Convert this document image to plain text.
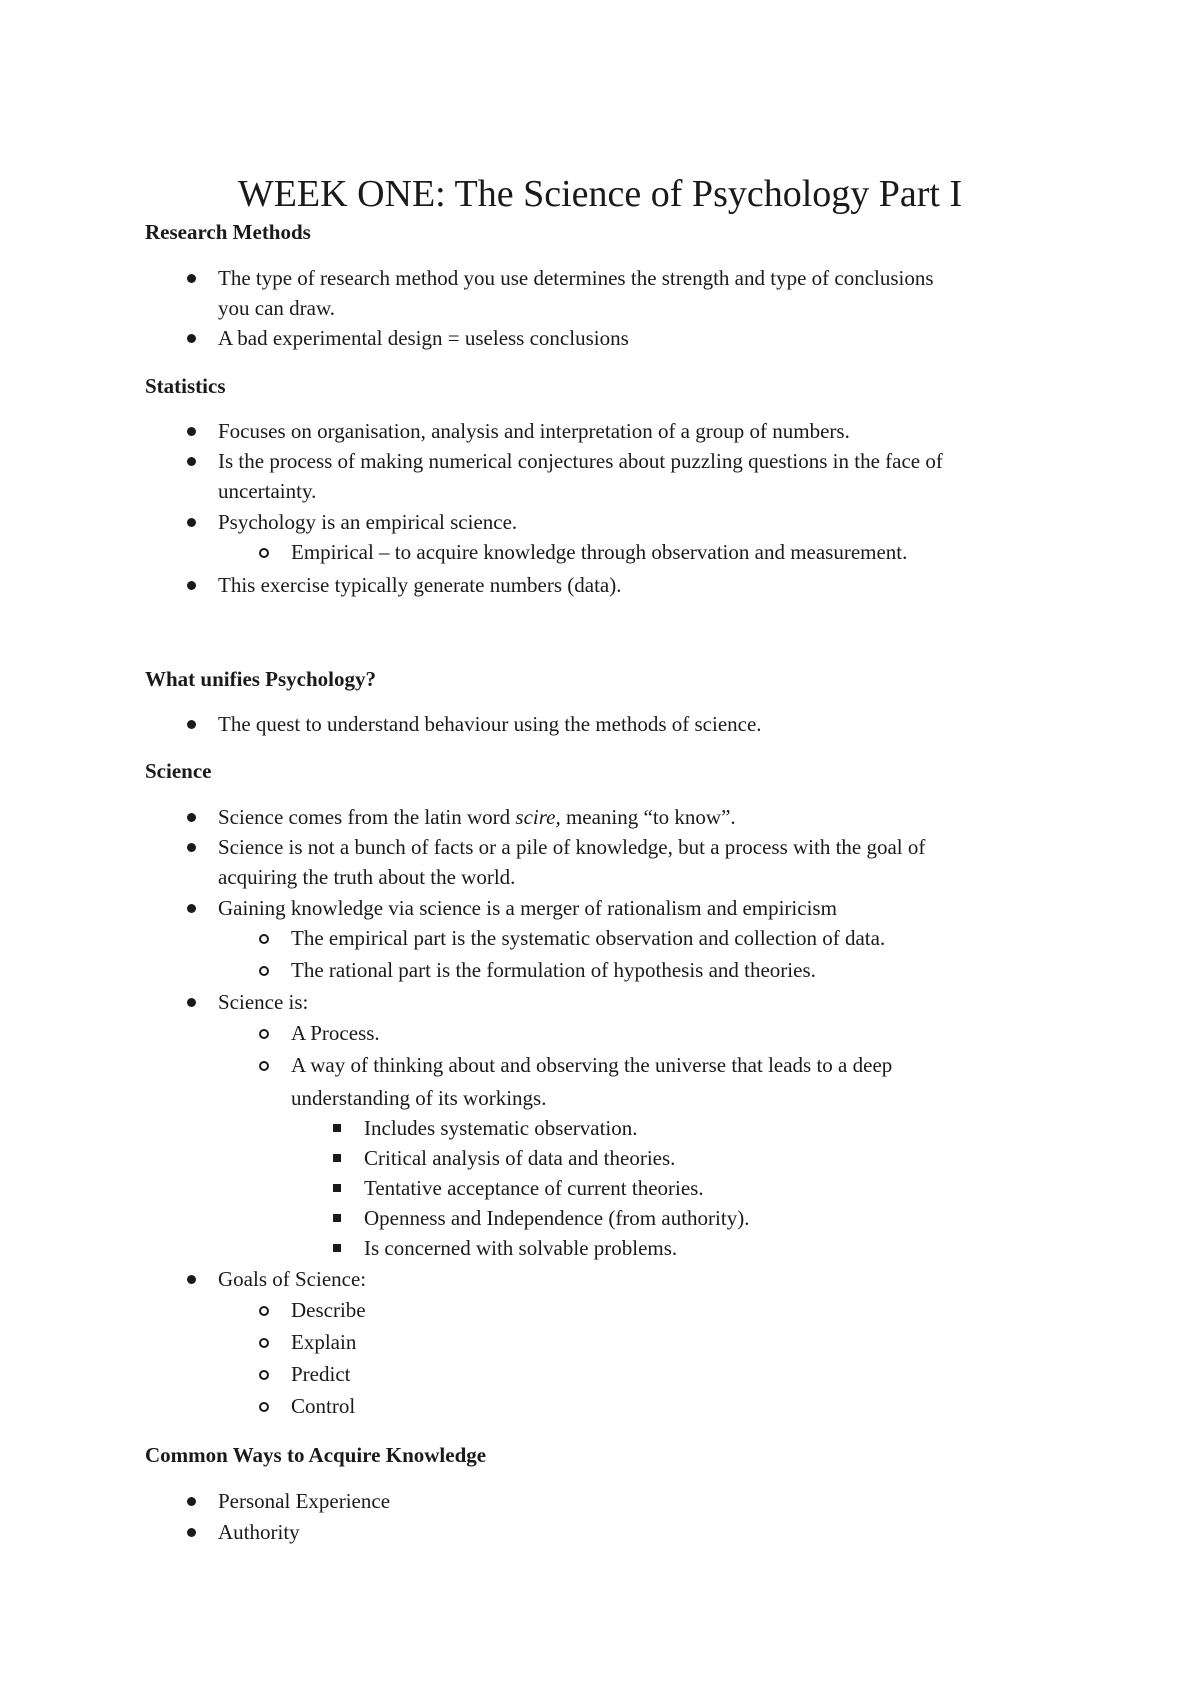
WEEK ONE: The Science of Psychology Part I
Research Methods
The type of research method you use determines the strength and type of conclusions
you can draw.
A bad experimental design = useless conclusions
Statistics
Focuses on organisation, analysis and interpretation of a group of numbers.
Is the process of making numerical conjectures about puzzling questions in the face of
uncertainty.
Psychology is an empirical science.
Empirical – to acquire knowledge through observation and measurement.
This exercise typically generate numbers (data).
What unifies Psychology?
The quest to understand behaviour using the methods of science.
Science
Science comes from the latin word scire, meaning “to know”.
Science is not a bunch of facts or a pile of knowledge, but a process with the goal of
acquiring the truth about the world.
Gaining knowledge via science is a merger of rationalism and empiricism
The empirical part is the systematic observation and collection of data.
The rational part is the formulation of hypothesis and theories.
Science is:
A Process.
A way of thinking about and observing the universe that leads to a deep
understanding of its workings.
Includes systematic observation.
Critical analysis of data and theories.
Tentative acceptance of current theories.
Openness and Independence (from authority).
Is concerned with solvable problems.
Goals of Science:
Describe
Explain
Predict
Control
Common Ways to Acquire Knowledge
Personal Experience
Authority
